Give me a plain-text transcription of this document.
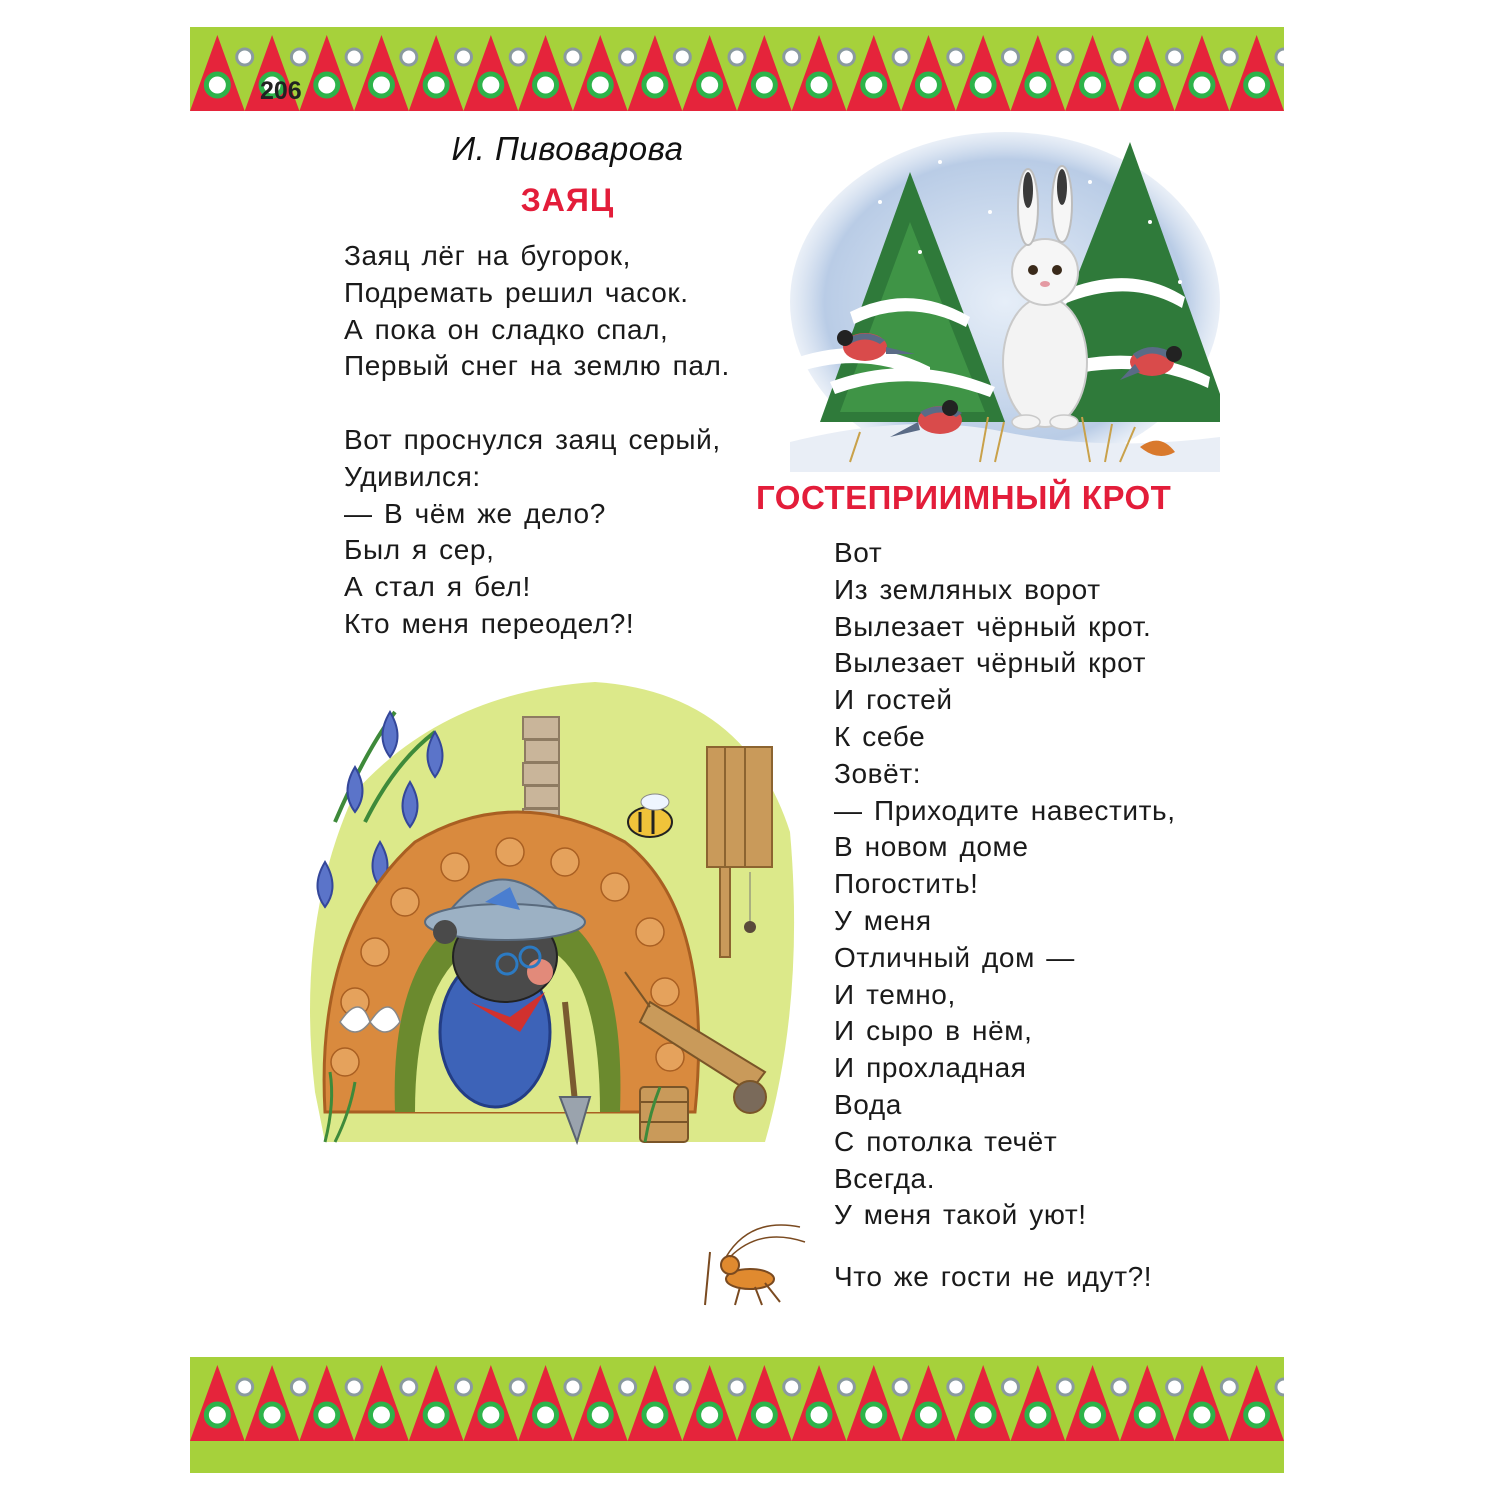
206
И. Пивоварова
ЗАЯЦ
Заяц лёг на бугорок,
Подремать решил часок.
А пока он сладко спал,
Первый снег на землю пал.
Вот проснулся заяц серый,
Удивился:
— В чём же дело?
Был я сер,
А стал я бел!
Кто меня переодел?!
ГОСТЕПРИИМНЫЙ КРОТ
Вот
Из земляных ворот
Вылезает чёрный крот.
Вылезает чёрный крот
И гостей
К себе
Зовёт:
— Приходите навестить,
В новом доме
Погостить!
У меня
Отличный дом —
И темно,
И сыро в нём,
И прохладная
Вода
С потолка течёт
Всегда.
У меня такой уют!
Что же гости не идут?!
